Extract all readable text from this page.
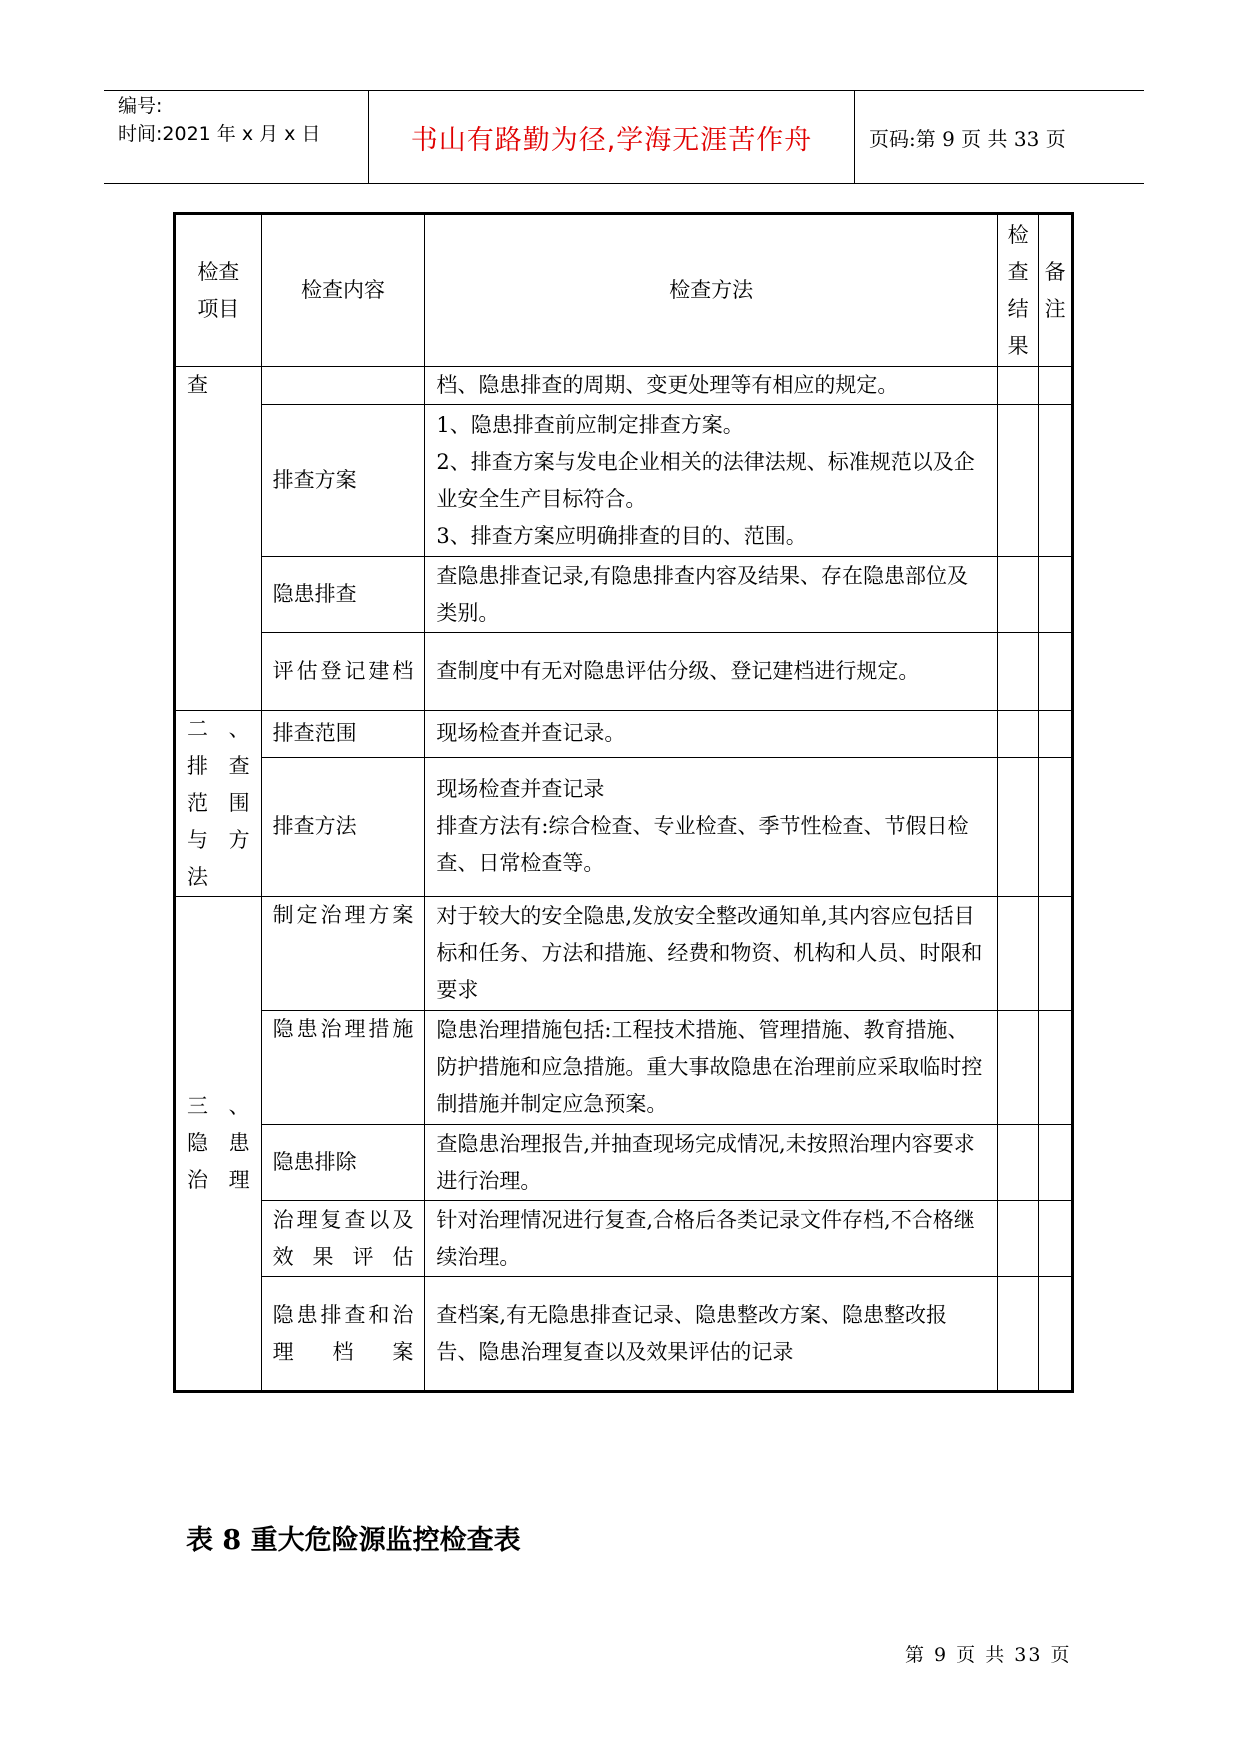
编号:
时间:2021 年 x 月 x 日	书山有路勤为径,学海无涯苦作舟	页码:第 9 页 共 33 页
检查项目	检查内容	检查方法	检查结果	备注
查		档、隐患排查的周期、变更处理等有相应的规定。		

	排查方案	1、隐患排查前应制定排查方案。
2、排查方案与发电企业相关的法律法规、标准规范以及企业安全生产目标符合。
3、排查方案应明确排查的目的、范围。		

	隐患排查	查隐患排查记录,有隐患排查内容及结果、存在隐患部位及类别。		

	评估登记建档	查制度中有无对隐患评估分级、登记建档进行规定。		

二、排查范围与方法	排查范围	现场检查并查记录。		

	排查方法	现场检查并查记录
排查方法有:综合检查、专业检查、季节性检查、节假日检查、日常检查等。		

三、隐患治理	制定治理方案	对于较大的安全隐患,发放安全整改通知单,其内容应包括目标和任务、方法和措施、经费和物资、机构和人员、时限和要求		

	隐患治理措施	隐患治理措施包括:工程技术措施、管理措施、教育措施、防护措施和应急措施。重大事故隐患在治理前应采取临时控制措施并制定应急预案。		

	隐患排除	查隐患治理报告,并抽查现场完成情况,未按照治理内容要求进行治理。		

	治理复查以及效果评估	针对治理情况进行复查,合格后各类记录文件存档,不合格继续治理。		

	隐患排查和治理档案	查档案,有无隐患排查记录、隐患整改方案、隐患整改报告、隐患治理复查以及效果评估的记录		

表 8 重大危险源监控检查表
第 9 页 共 33 页
